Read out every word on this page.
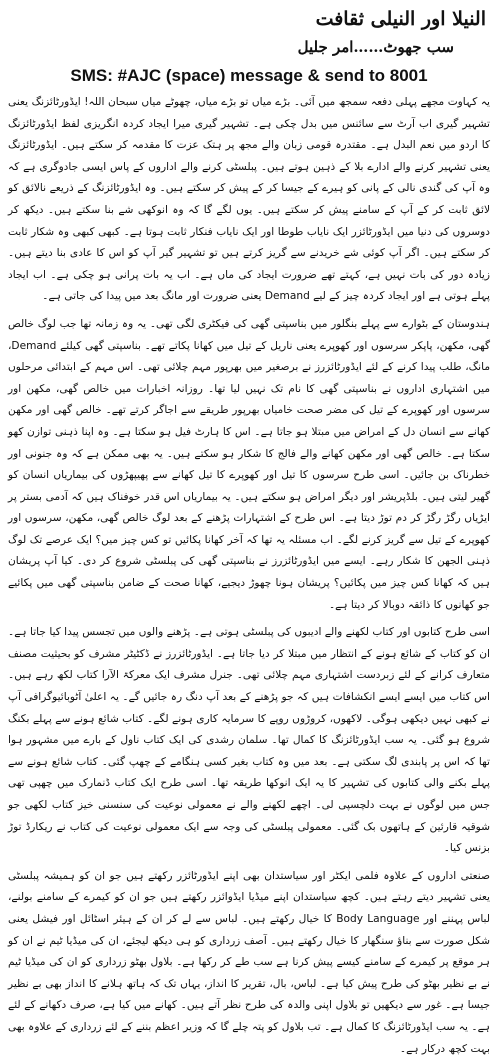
النیلا اور النیلی ثقافت
سب جھوٹ……امر جلیل
SMS: #AJC (space) message & send to 8001

یہ کہاوت مجھے پہلی دفعہ سمجھ میں آئی۔ بڑے میاں تو بڑے میاں، چھوٹے میاں سبحان اللہ! ایڈورٹائزنگ یعنی تشہیر گیری اب آرٹ سے سائنس میں بدل چکی ہے۔ تشہیر گیری میرا ایجاد کردہ انگریزی لفظ ایڈورٹائزنگ کا اردو میں نعم البدل ہے۔ مقتدرہ قومی زبان والے مجھ پر ہتک عزت کا مقدمہ کر سکتے ہیں۔ ایڈورٹائزنگ یعنی تشہیر کرنے والے ادارے بلا کے ذہین ہوتے ہیں۔ پبلسٹی کرنے والے اداروں کے پاس ایسی جادوگری ہے کہ وہ آپ کی گندی نالی کے پانی کو ہیرے کے جیسا کر کے پیش کر سکتے ہیں۔ وہ ایڈورٹائزنگ کے ذریعے نالائق کو لائق ثابت کر کے آپ کے سامنے پیش کر سکتے ہیں۔ یوں لگے گا کہ وہ انوکھی شے بنا سکتے ہیں۔ دیکھ کر دوسروں کی دنیا میں ایڈورٹائزر ایک نایاب طوطا اور ایک نایاب فنکار ثابت ہوتا ہے۔ کبھی کبھی وہ شکار ثابت کر سکتے ہیں۔ اگر آپ کوئی شے خریدنے سے گریز کرتے ہیں تو تشہیر گیر آپ کو اس کا عادی بنا دیتے ہیں۔ زیادہ دور کی بات نہیں ہے، کہتے تھے ضرورت ایجاد کی ماں ہے۔ اب یہ بات پرانی ہو چکی ہے۔ اب ایجاد پہلے ہوتی ہے اور ایجاد کردہ چیز کے لیے Demand یعنی ضرورت اور مانگ بعد میں پیدا کی جاتی ہے۔

ہندوستان کے بٹوارے سے پہلے بنگلور میں بناسپتی گھی کی فیکٹری لگی تھی۔ یہ وہ زمانہ تھا جب لوگ خالص گھی، مکھن، پاپکر سرسوں اور کھوپرے یعنی ناریل کے تیل میں کھانا پکاتے تھے۔ بناسپتی گھی کیلئے Demand، مانگ، طلب پیدا کرنے کے لئے ایڈورٹائزرز نے برصغیر میں بھرپور مہم چلائی تھی۔ اس مہم کے ابتدائی مرحلوں میں اشتہاری اداروں نے بناسپتی گھی کا نام تک نہیں لیا تھا۔ روزانہ اخبارات میں خالص گھی، مکھن اور سرسوں اور کھوپرے کے تیل کی مضر صحت خامیاں بھرپور طریقے سے اجاگر کرتے تھے۔ خالص گھی اور مکھن کھانے سے انسان دل کے امراض میں مبتلا ہو جاتا ہے۔ اس کا ہارٹ فیل ہو سکتا ہے۔ وہ اپنا ذہنی توازن کھو سکتا ہے۔ خالص گھی اور مکھن کھانے والے فالج کا شکار ہو سکتے ہیں۔ یہ بھی ممکن ہے کہ وہ جنونی اور خطرناک بن جائیں۔ اسی طرح سرسوں کا تیل اور کھوپرے کا تیل کھانے سے پھیپھڑوں کی بیماریاں انسان کو گھیر لیتی ہیں۔ بلڈپریشر اور دیگر امراض ہو سکتے ہیں۔ یہ بیماریاں اس قدر خوفناک ہیں کہ آدمی بستر پر ایڑیاں رگڑ رگڑ کر دم توڑ دیتا ہے۔ اس طرح کے اشتہارات پڑھنے کے بعد لوگ خالص گھی، مکھن، سرسوں اور کھوپرے کے تیل سے گریز کرنے لگے۔ اب مسئلہ یہ تھا کہ آخر کھانا پکائیں تو کس چیز میں؟ ایک عرصے تک لوگ ذہنی الجھن کا شکار رہے۔ ایسے میں ایڈورٹائزرز نے بناسپتی گھی کی پبلسٹی شروع کر دی۔ کیا آپ پریشان ہیں کہ کھانا کس چیز میں پکائیں؟ پریشان ہونا چھوڑ دیجیے، کھانا صحت کے ضامن بناسپتی گھی میں پکائیے جو کھانوں کا ذائقہ دوبالا کر دیتا ہے۔

اسی طرح کتابوں اور کتاب لکھنے والے ادیبوں کی پبلسٹی ہوتی ہے۔ پڑھنے والوں میں تجسس پیدا کیا جاتا ہے۔ ان کو کتاب کے شائع ہونے کے انتظار میں مبتلا کر دیا جاتا ہے۔ ایڈورٹائزرز نے ڈکٹیٹر مشرف کو بحیثیت مصنف متعارف کرانے کے لئے زبردست اشتہاری مہم چلائی تھی۔ جنرل مشرف ایک معرکۃ الآرا کتاب لکھ رہے ہیں۔ اس کتاب میں ایسے ایسے انکشافات ہیں کہ جو پڑھنے کے بعد آپ دنگ رہ جائیں گے۔ یہ اعلیٰ آٹوبائیوگرافی آپ نے کبھی نہیں دیکھی ہوگی۔ لاکھوں، کروڑوں روپے کا سرمایہ کاری ہونے لگے۔ کتاب شائع ہونے سے پہلے بکنگ شروع ہو گئی۔ یہ سب ایڈورٹائزنگ کا کمال تھا۔ سلمان رشدی کی ایک کتاب ناول کے بارے میں مشہور ہوا تھا کہ اس پر پابندی لگ سکتی ہے۔ بعد میں وہ کتاب بغیر کسی ہنگامے کے چھپ گئی۔ کتاب شائع ہونے سے پہلے بکنے والی کتابوں کی تشہیر کا یہ ایک انوکھا طریقہ تھا۔ اسی طرح ایک کتاب ڈنمارک میں چھپی تھی جس میں لوگوں نے بہت دلچسپی لی۔ اچھے لکھنے والے نے معمولی نوعیت کی سنسنی خیز کتاب لکھی جو شوقیہ قارئین کے ہاتھوں بک گئی۔ معمولی پبلسٹی کی وجہ سے ایک معمولی نوعیت کی کتاب نے ریکارڈ توڑ بزنس کیا۔

صنعتی اداروں کے علاوہ فلمی ایکٹر اور سیاستدان بھی اپنے ایڈورٹائزر رکھتے ہیں جو ان کو ہمیشہ پبلسٹی یعنی تشہیر دیتے رہتے ہیں۔ کچھ سیاستدان اپنے میڈیا ایڈوائزر رکھتے ہیں جو ان کو کیمرے کے سامنے بولنے، لباس پہننے اور Body Language کا خیال رکھتے ہیں۔ لباس سے لے کر ان کے ہیئر اسٹائل اور فیشل یعنی شکل صورت سے بناؤ سنگھار کا خیال رکھتے ہیں۔ آصف زرداری کو ہی دیکھ لیجئے، ان کی میڈیا ٹیم نے ان کو ہر موقع پر کیمرے کے سامنے کیسے پیش کرنا ہے سب طے کر رکھا ہے۔ بلاول بھٹو زرداری کو ان کی میڈیا ٹیم نے بے نظیر بھٹو کی طرح پیش کیا ہے۔ لباس، بال، تقریر کا انداز، یہاں تک کہ ہاتھ ہلانے کا انداز بھی بے نظیر جیسا ہے۔ غور سے دیکھیں تو بلاول اپنی والدہ کی طرح نظر آتے ہیں۔ کھانے میں کیا ہے، صرف دکھانے کے لئے ہے۔ یہ سب ایڈورٹائزنگ کا کمال ہے۔ تب بلاول کو پتہ چلے گا کہ وزیر اعظم بننے کے لئے زرداری کے علاوہ بھی بہت کچھ درکار ہے۔
